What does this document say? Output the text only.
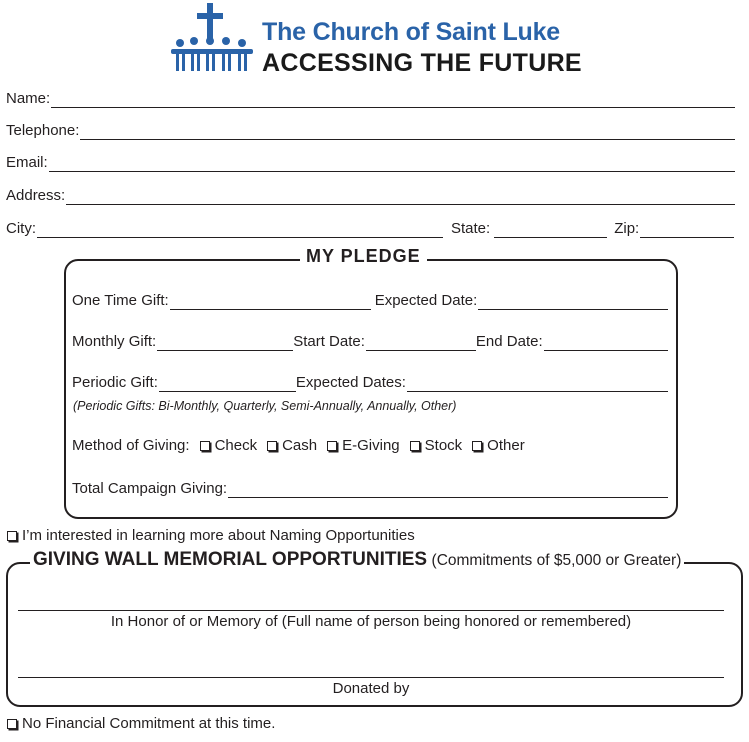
The Church of Saint Luke
ACCESSING THE FUTURE
Name:
Telephone:
Email:
Address:
City:	State:	Zip:
MY PLEDGE
One Time Gift:	Expected Date:
Monthly Gift:	Start Date:	End Date:
Periodic Gift:	Expected Dates:
(Periodic Gifts: Bi-Monthly, Quarterly, Semi-Annually, Annually, Other)
Method of Giving: Check Cash E-Giving Stock Other
Total Campaign Giving:
I’m interested in learning more about Naming Opportunities
GIVING WALL MEMORIAL OPPORTUNITIES (Commitments of $5,000 or Greater)
In Honor of or Memory of (Full name of person being honored or remembered)
Donated by
No Financial Commitment at this time.
